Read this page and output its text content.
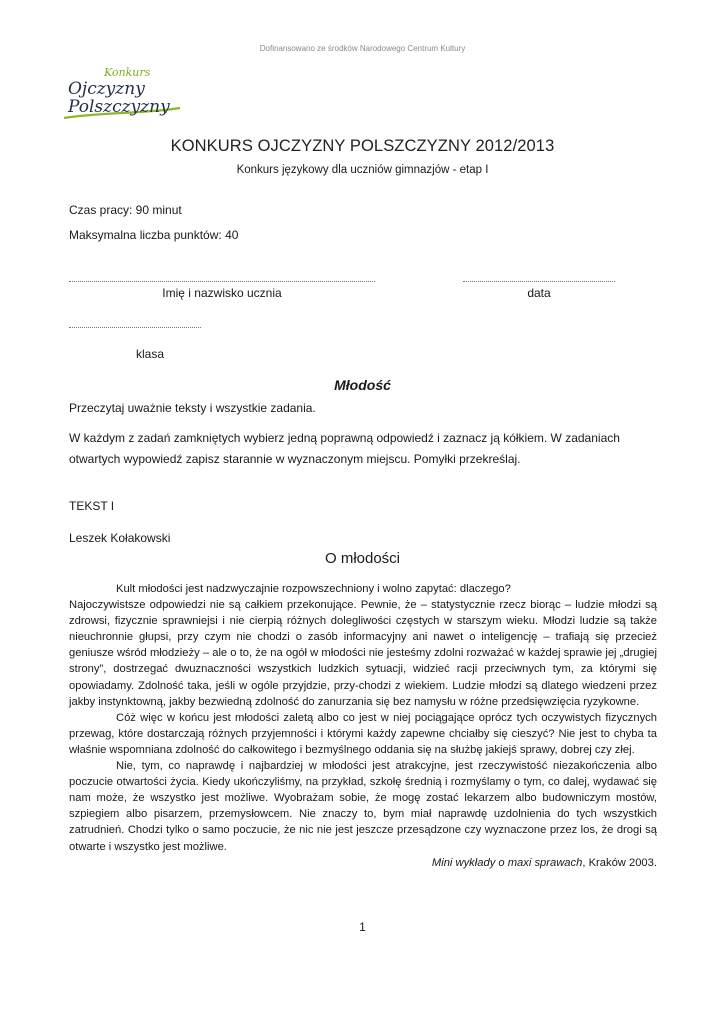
Dofinansowano ze środków Narodowego Centrum Kultury
Konkurs
Ojczyzny
Polszczyzny
KONKURS OJCZYZNY POLSZCZYZNY 2012/2013
Konkurs językowy dla uczniów gimnazjów - etap I
Czas pracy: 90 minut
Maksymalna liczba punktów: 40
Imię i nazwisko ucznia	data
klasa
Młodość
Przeczytaj uważnie teksty i wszystkie zadania.
W każdym z zadań zamkniętych wybierz jedną poprawną odpowiedź i zaznacz ją kółkiem. W zadaniach otwartych wypowiedź zapisz starannie w wyznaczonym miejscu. Pomyłki przekreślaj.
TEKST I
Leszek Kołakowski
O młodości

Kult młodości jest nadzwyczajnie rozpowszechniony i wolno zapytać: dlaczego?

Najoczywistsze odpowiedzi nie są całkiem przekonujące. Pewnie, że – statystycznie rzecz biorąc – ludzie młodzi są zdrowsi, fizycznie sprawniejsi i nie cierpią różnych dolegliwości częstych w starszym wieku. Młodzi ludzie są także nieuchronnie głupsi, przy czym nie chodzi o zasób informacyjny ani nawet o inteligencję – trafiają się przecież geniusze wśród młodzieży – ale o to, że na ogół w młodości nie jesteśmy zdolni rozważać w każdej sprawie jej „drugiej strony”, dostrzegać dwuznaczności wszystkich ludzkich sytuacji, widzieć racji przeciwnych tym, za którymi się opowiadamy. Zdolność taka, jeśli w ogóle przyjdzie, przy-chodzi z wiekiem. Ludzie młodzi są dlatego wiedzeni przez jakby instynktowną, jakby bezwiedną zdolność do zanurzania się bez namysłu w różne przedsięwzięcia ryzykowne.

Cóż więc w końcu jest młodości zaletą albo co jest w niej pociągające oprócz tych oczywistych fizycznych przewag, które dostarczają różnych przyjemności i którymi każdy zapewne chciałby się cieszyć? Nie jest to chyba ta właśnie wspomniana zdolność do całkowitego i bezmyślnego oddania się na służbę jakiejś sprawy, dobrej czy złej.

Nie, tym, co naprawdę i najbardziej w młodości jest atrakcyjne, jest rzeczywistość niezakończenia albo poczucie otwartości życia. Kiedy ukończyliśmy, na przykład, szkołę średnią i rozmyślamy o tym, co dalej, wydawać się nam może, że wszystko jest możliwe. Wyobrażam sobie, że mogę zostać lekarzem albo budowniczym mostów, szpiegiem albo pisarzem, przemysłowcem. Nie znaczy to, bym miał naprawdę uzdolnienia do tych wszystkich zatrudnień. Chodzi tylko o samo poczucie, że nic nie jest jeszcze przesądzone czy wyznaczone przez los, że drogi są otwarte i wszystko jest możliwe.

Mini wykłady o maxi sprawach, Kraków 2003.
1
